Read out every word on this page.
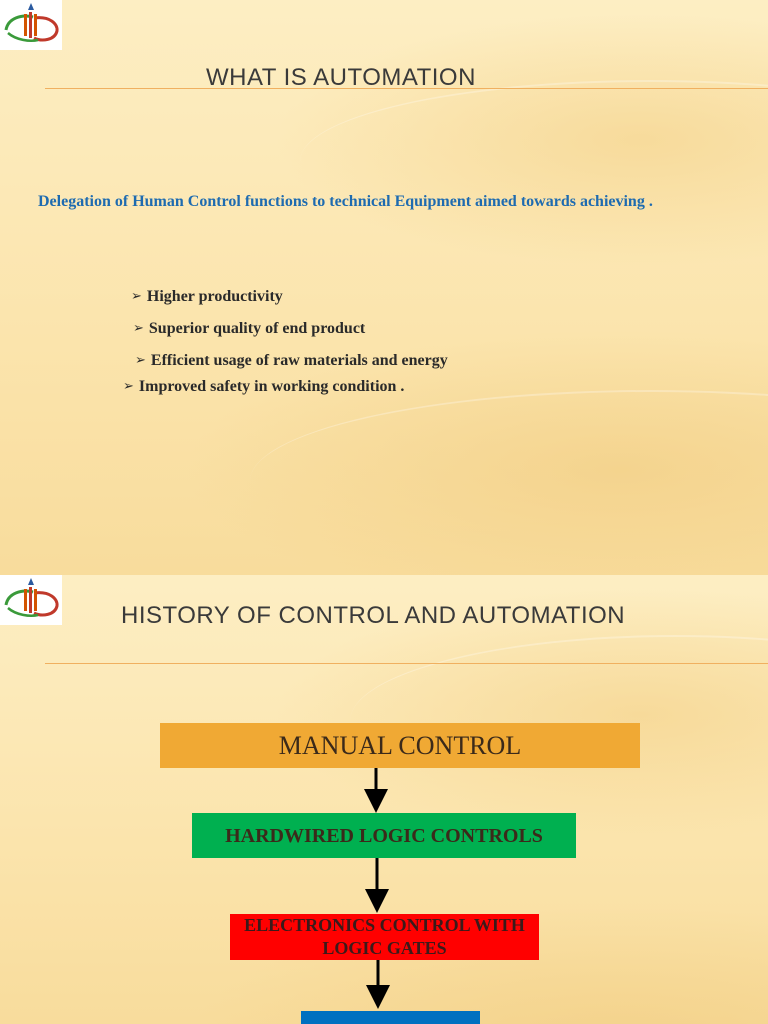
WHAT IS AUTOMATION

Delegation of Human Control functions to technical Equipment aimed towards achieving .

➢ Higher productivity

➢ Superior quality of end product

➢ Efficient usage of raw materials and energy

➢ Improved safety in working condition .

HISTORY OF CONTROL AND AUTOMATION
MANUAL CONTROL
HARDWIRED LOGIC CONTROLS
ELECTRONICS CONTROL WITH LOGIC GATES
